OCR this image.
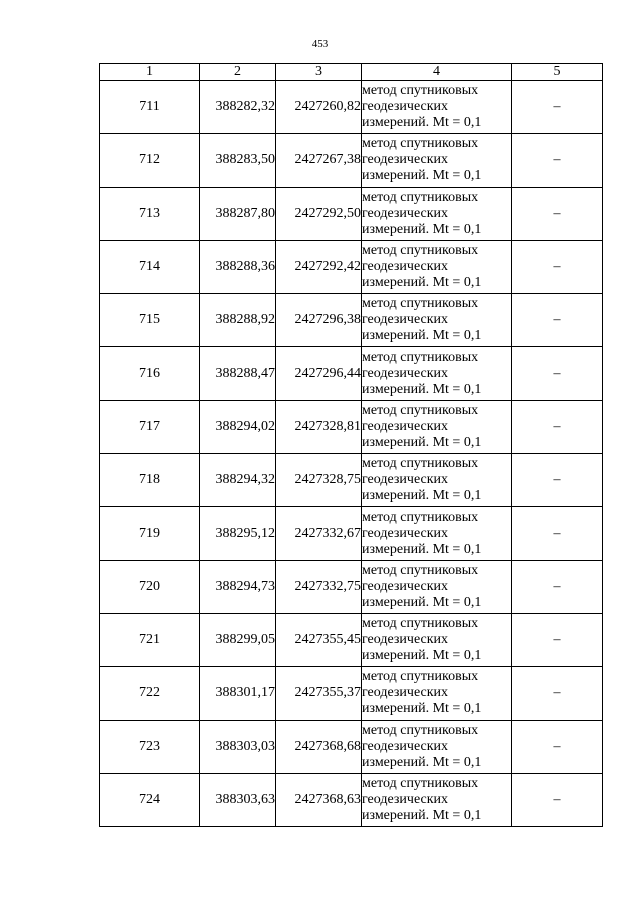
453
1	2	3	4	5
711	388282,32	2427260,82	метод спутниковых
геодезических
измерений. Mt = 0,1	–
712	388283,50	2427267,38	метод спутниковых
геодезических
измерений. Mt = 0,1	–
713	388287,80	2427292,50	метод спутниковых
геодезических
измерений. Mt = 0,1	–
714	388288,36	2427292,42	метод спутниковых
геодезических
измерений. Mt = 0,1	–
715	388288,92	2427296,38	метод спутниковых
геодезических
измерений. Mt = 0,1	–
716	388288,47	2427296,44	метод спутниковых
геодезических
измерений. Mt = 0,1	–
717	388294,02	2427328,81	метод спутниковых
геодезических
измерений. Mt = 0,1	–
718	388294,32	2427328,75	метод спутниковых
геодезических
измерений. Mt = 0,1	–
719	388295,12	2427332,67	метод спутниковых
геодезических
измерений. Mt = 0,1	–
720	388294,73	2427332,75	метод спутниковых
геодезических
измерений. Mt = 0,1	–
721	388299,05	2427355,45	метод спутниковых
геодезических
измерений. Mt = 0,1	–
722	388301,17	2427355,37	метод спутниковых
геодезических
измерений. Mt = 0,1	–
723	388303,03	2427368,68	метод спутниковых
геодезических
измерений. Mt = 0,1	–
724	388303,63	2427368,63	метод спутниковых
геодезических
измерений. Mt = 0,1	–
